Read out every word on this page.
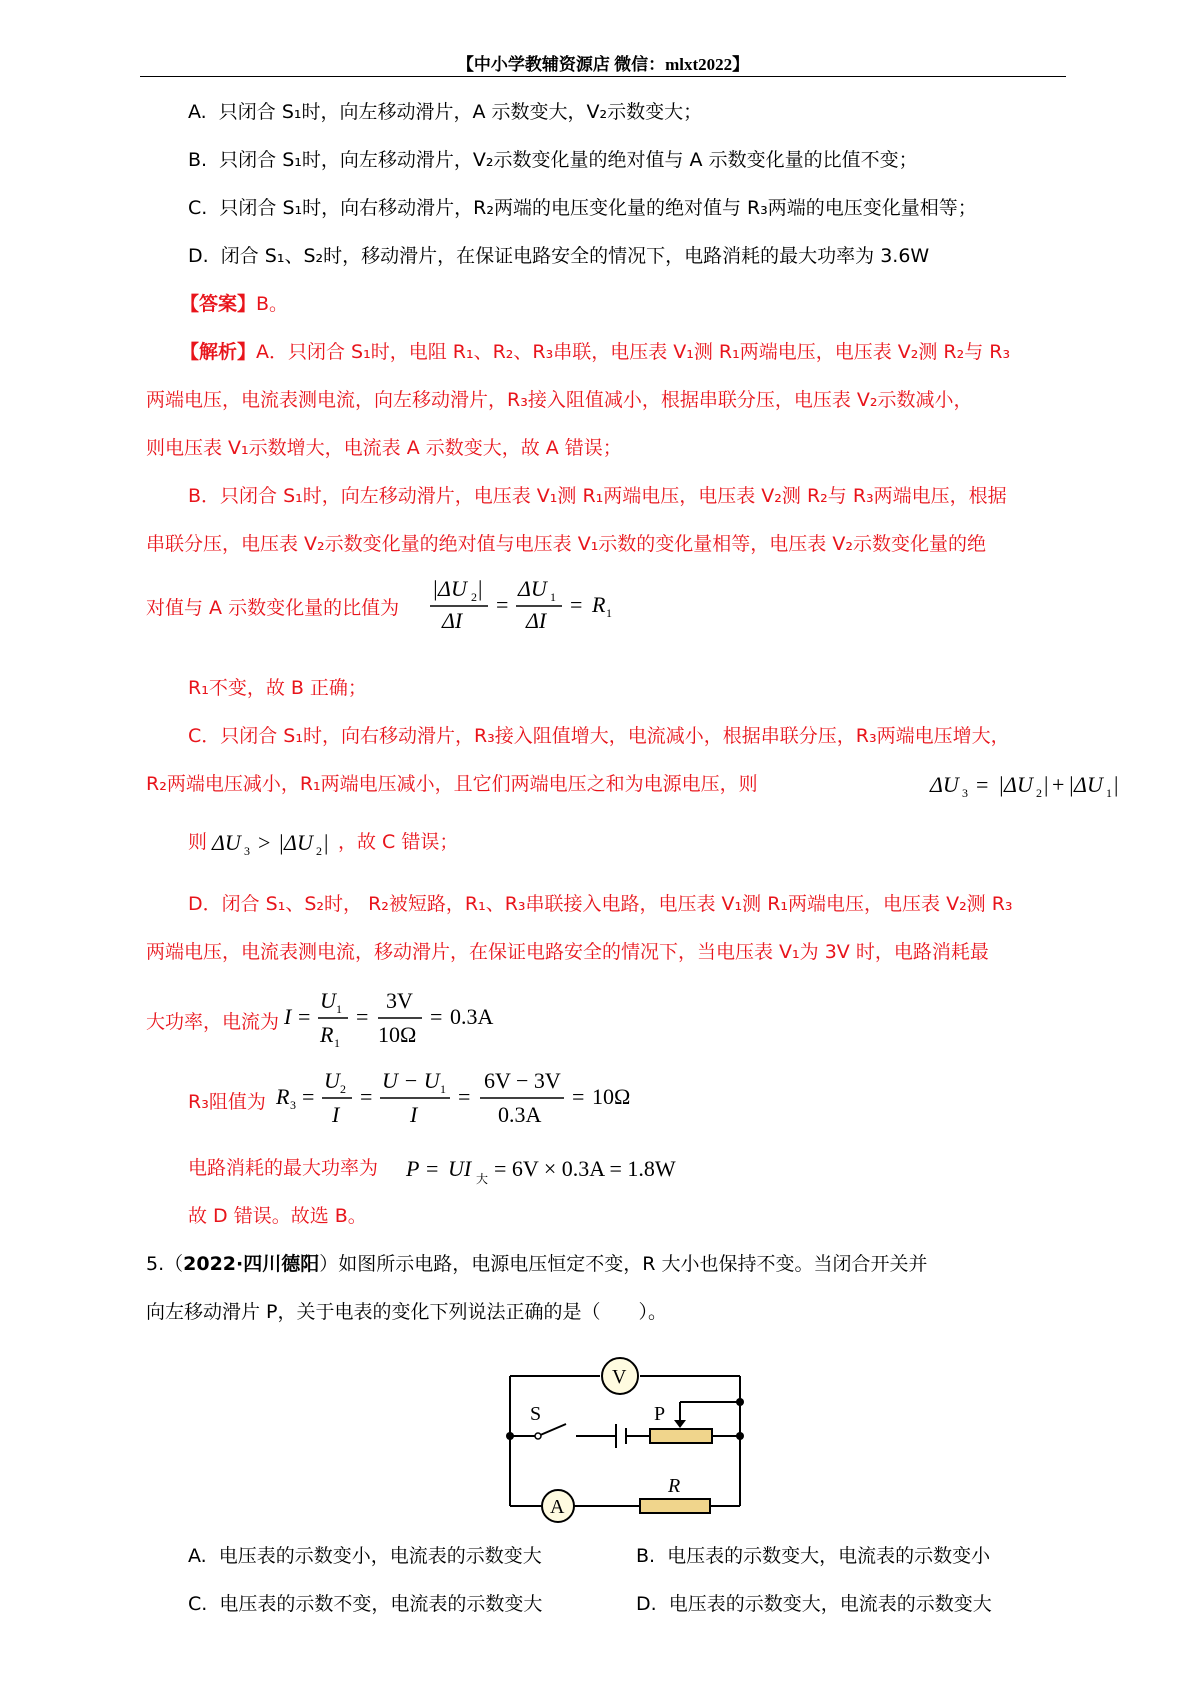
【中小学教辅资源店 微信：mlxt2022】
A. 只闭合 S₁时，向左移动滑片，A 示数变大，V₂示数变大；
B. 只闭合 S₁时，向左移动滑片，V₂示数变化量的绝对值与 A 示数变化量的比值不变；
C. 只闭合 S₁时，向右移动滑片，R₂两端的电压变化量的绝对值与 R₃两端的电压变化量相等；
D. 闭合 S₁、S₂时，移动滑片，在保证电路安全的情况下，电路消耗的最大功率为 3.6W
【答案】B。
【解析】A．只闭合 S₁时，电阻 R₁、R₂、R₃串联，电压表 V₁测 R₁两端电压，电压表 V₂测 R₂与 R₃
两端电压，电流表测电流，向左移动滑片，R₃接入阻值减小，根据串联分压，电压表 V₂示数减小，
则电压表 V₁示数增大，电流表 A 示数变大，故 A 错误；
B．只闭合 S₁时，向左移动滑片，电压表 V₁测 R₁两端电压，电压表 V₂测 R₂与 R₃两端电压，根据
串联分压，电压表 V₂示数变化量的绝对值与电压表 V₁示数的变化量相等，电压表 V₂示数变化量的绝
对值与 A 示数变化量的比值为
|ΔU 2 |
ΔI
=
ΔU 1
ΔI
= R 1
R₁不变，故 B 正确；
C．只闭合 S₁时，向右移动滑片，R₃接入阻值增大，电流减小，根据串联分压，R₃两端电压增大，
R₂两端电压减小，R₁两端电压减小，且它们两端电压之和为电源电压，则	ΔU 3 = |ΔU 2 | + |ΔU 1 |
则 ΔU 3 > |ΔU 2 | ，故 C 错误；
D．闭合 S₁、S₂时， R₂被短路，R₁、R₃串联接入电路，电压表 V₁测 R₁两端电压，电压表 V₂测 R₃
两端电压，电流表测电流，移动滑片，在保证电路安全的情况下，当电压表 V₁为 3V 时，电路消耗最
大功率，电流为 I =
U 1
R 1
=
3V
10Ω
= 0.3A
R₃阻值为 R 3 =
U 2
I
=
U − U 1
I
=
6V − 3V
0.3A
= 10Ω
电路消耗的最大功率为 P = UI 大 = 6V × 0.3A = 1.8W
故 D 错误。故选 B。
5.（2022·四川德阳）如图所示电路，电源电压恒定不变，R 大小也保持不变。当闭合开关并
向左移动滑片 P，关于电表的变化下列说法正确的是（　　）。
V
A
S	P
R
A. 电压表的示数变小，电流表的示数变大	B. 电压表的示数变大，电流表的示数变小
C. 电压表的示数不变，电流表的示数变大	D. 电压表的示数变大，电流表的示数变大
